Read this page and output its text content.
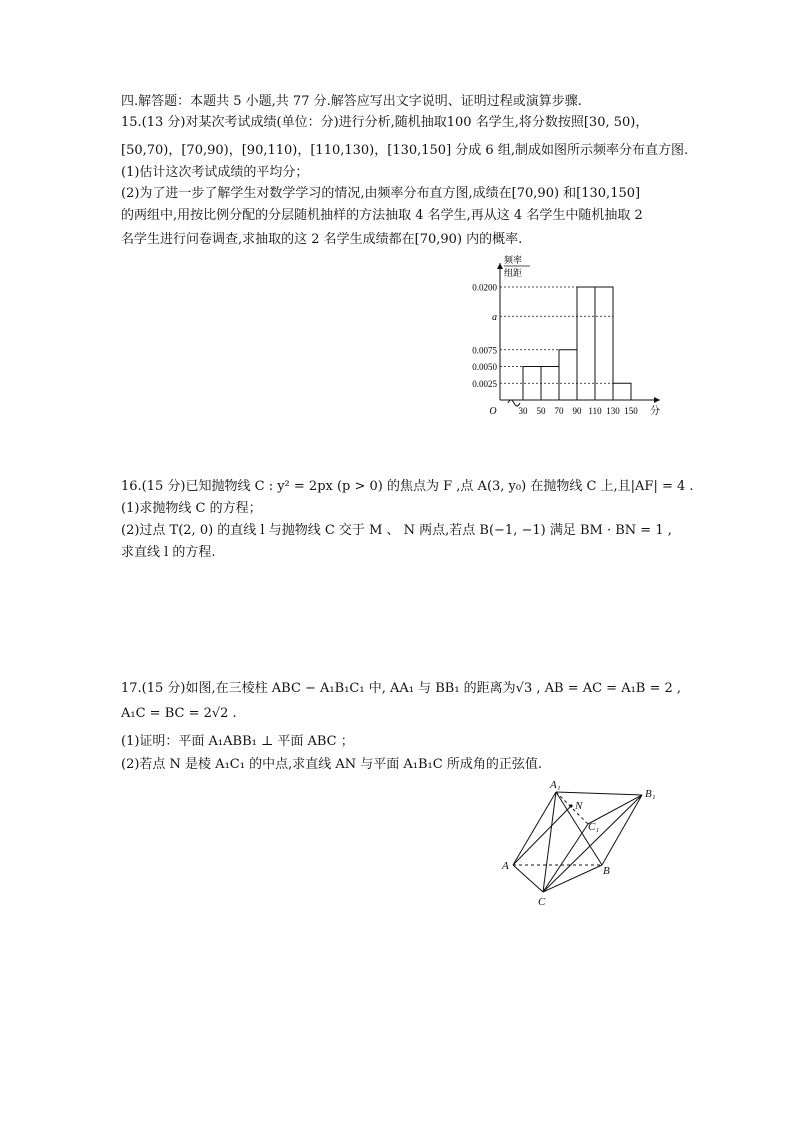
四.解答题：本题共 5 小题,共 77 分.解答应写出文字说明、证明过程或演算步骤.
15.(13 分)对某次考试成绩(单位：分)进行分析,随机抽取100 名学生,将分数按照[30, 50)，
[50,70)，[70,90)，[90,110)，[110,130)，[130,150] 分成 6 组,制成如图所示频率分布直方图.
(1)估计这次考试成绩的平均分；
(2)为了进一步了解学生对数学学习的情况,由频率分布直方图,成绩在[70,90) 和[130,150]
的两组中,用按比例分配的分层随机抽样的方法抽取 4 名学生,再从这 4 名学生中随机抽取 2
名学生进行问卷调查,求抽取的这 2 名学生成绩都在[70,90) 内的概率.
频率
组距
0.0025
0.0050
0.0075
a
0.0200
30 50 70 90 110 130 150
O	分
16.(15 分)已知抛物线 C : y² = 2px (p > 0) 的焦点为 F ,点 A(3, y₀) 在抛物线 C 上,且|AF| = 4 .
(1)求抛物线 C 的方程；
(2)过点 T(2, 0) 的直线 l 与抛物线 C 交于 M 、 N 两点,若点 B(−1, −1) 满足 BM · BN = 1 ,
求直线 l 的方程.
17.(15 分)如图,在三棱柱 ABC − A₁B₁C₁ 中, AA₁ 与 BB₁ 的距离为√3 , AB = AC = A₁B = 2 ,
A₁C = BC = 2√2 .
(1)证明：平面 A₁ABB₁ ⊥ 平面 ABC ；
(2)若点 N 是棱 A₁C₁ 的中点,求直线 AN 与平面 A₁B₁C 所成角的正弦值.
A₁
B₁
N
C₁
A	B
C
